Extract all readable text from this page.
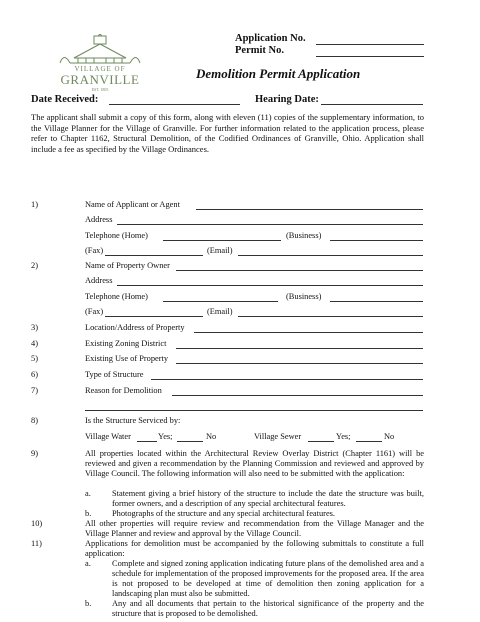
VILLAGE OF
GRANVILLE
EST. 1805
Application No.
Permit No.
Demolition Permit Application
Date Received:	Hearing Date:
The applicant shall submit a copy of this form, along with eleven (11) copies of the supplementary information, to the Village Planner for the Village of Granville. For further information related to the application process, please refer to Chapter 1162, Structural Demolition, of the Codified Ordinances of Granville, Ohio. Application shall include a fee as specified by the Village Ordinances.
1)	Name of Applicant or Agent
Address
Telephone (Home)	(Business)
(Fax)	(Email)
2)	Name of Property Owner
Address
Telephone (Home)	(Business)
(Fax)	(Email)
3)	Location/Address of Property
4)	Existing Zoning District
5)	Existing Use of Property
6)	Type of Structure
7)	Reason for Demolition
8)	Is the Structure Serviced by:
Village Water	Yes;	No	Village Sewer	Yes;	No
9)	All properties located within the Architectural Review Overlay District (Chapter 1161) will be reviewed and given a recommendation by the Planning Commission and reviewed and approved by Village Council. The following information will also need to be submitted with the application:
a.	Statement giving a brief history of the structure to include the date the structure was built, former owners, and a description of any special architectural features.
b. Photographs of the structure and any special architectural features.
10)	All other properties will require review and recommendation from the Village Manager and the Village Planner and review and approval by the Village Council.
11)	Applications for demolition must be accompanied by the following submittals to constitute a full application:
a.	Complete and signed zoning application indicating future plans of the demolished area and a schedule for implementation of the proposed improvements for the proposed area. If the area is not proposed to be developed at time of demolition then zoning application for a landscaping plan must also be submitted.
b. Any and all documents that pertain to the historical significance of the property and the structure that is proposed to be demolished.
